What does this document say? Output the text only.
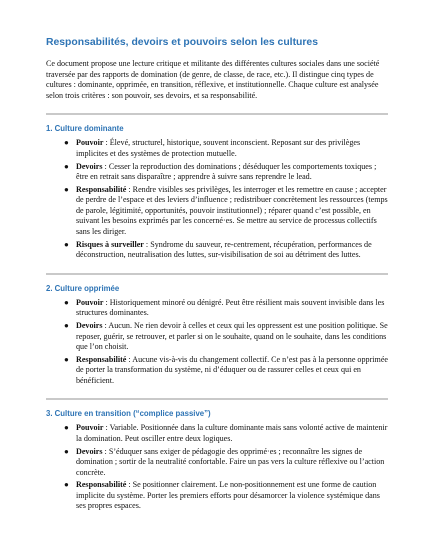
Responsabilités, devoirs et pouvoirs selon les cultures

Ce document propose une lecture critique et militante des différentes cultures sociales dans une société traversée par des rapports de domination (de genre, de classe, de race, etc.). Il distingue cinq types de cultures : dominante, opprimée, en transition, réflexive, et institutionnelle. Chaque culture est analysée selon trois critères : son pouvoir, ses devoirs, et sa responsabilité.

1. Culture dominante
● Pouvoir : Élevé, structurel, historique, souvent inconscient. Reposant sur des privilèges implicites et des systèmes de protection mutuelle.
● Devoirs : Cesser la reproduction des dominations ; déséduquer les comportements toxiques ; être en retrait sans disparaître ; apprendre à suivre sans reprendre le lead.
● Responsabilité : Rendre visibles ses privilèges, les interroger et les remettre en cause ; accepter de perdre de l’espace et des leviers d’influence ; redistribuer concrètement les ressources (temps de parole, légitimité, opportunités, pouvoir institutionnel) ; réparer quand c’est possible, en suivant les besoins exprimés par les concerné·es. Se mettre au service de processus collectifs sans les diriger.
● Risques à surveiller : Syndrome du sauveur, re-centrement, récupération, performances de déconstruction, neutralisation des luttes, sur-visibilisation de soi au détriment des luttes.
2. Culture opprimée
● Pouvoir : Historiquement minoré ou dénigré. Peut être résilient mais souvent invisible dans les structures dominantes.
● Devoirs : Aucun. Ne rien devoir à celles et ceux qui les oppressent est une position politique. Se reposer, guérir, se retrouver, et parler si on le souhaite, quand on le souhaite, dans les conditions que l’on choisit.
● Responsabilité : Aucune vis-à-vis du changement collectif. Ce n’est pas à la personne opprimée de porter la transformation du système, ni d’éduquer ou de rassurer celles et ceux qui en bénéficient.
3. Culture en transition (“complice passive”)
● Pouvoir : Variable. Positionnée dans la culture dominante mais sans volonté active de maintenir la domination. Peut osciller entre deux logiques.
● Devoirs : S’éduquer sans exiger de pédagogie des opprimé·es ; reconnaître les signes de domination ; sortir de la neutralité confortable. Faire un pas vers la culture réflexive ou l’action concrète.
● Responsabilité : Se positionner clairement. Le non-positionnement est une forme de caution implicite du système. Porter les premiers efforts pour désamorcer la violence systémique dans ses propres espaces.
